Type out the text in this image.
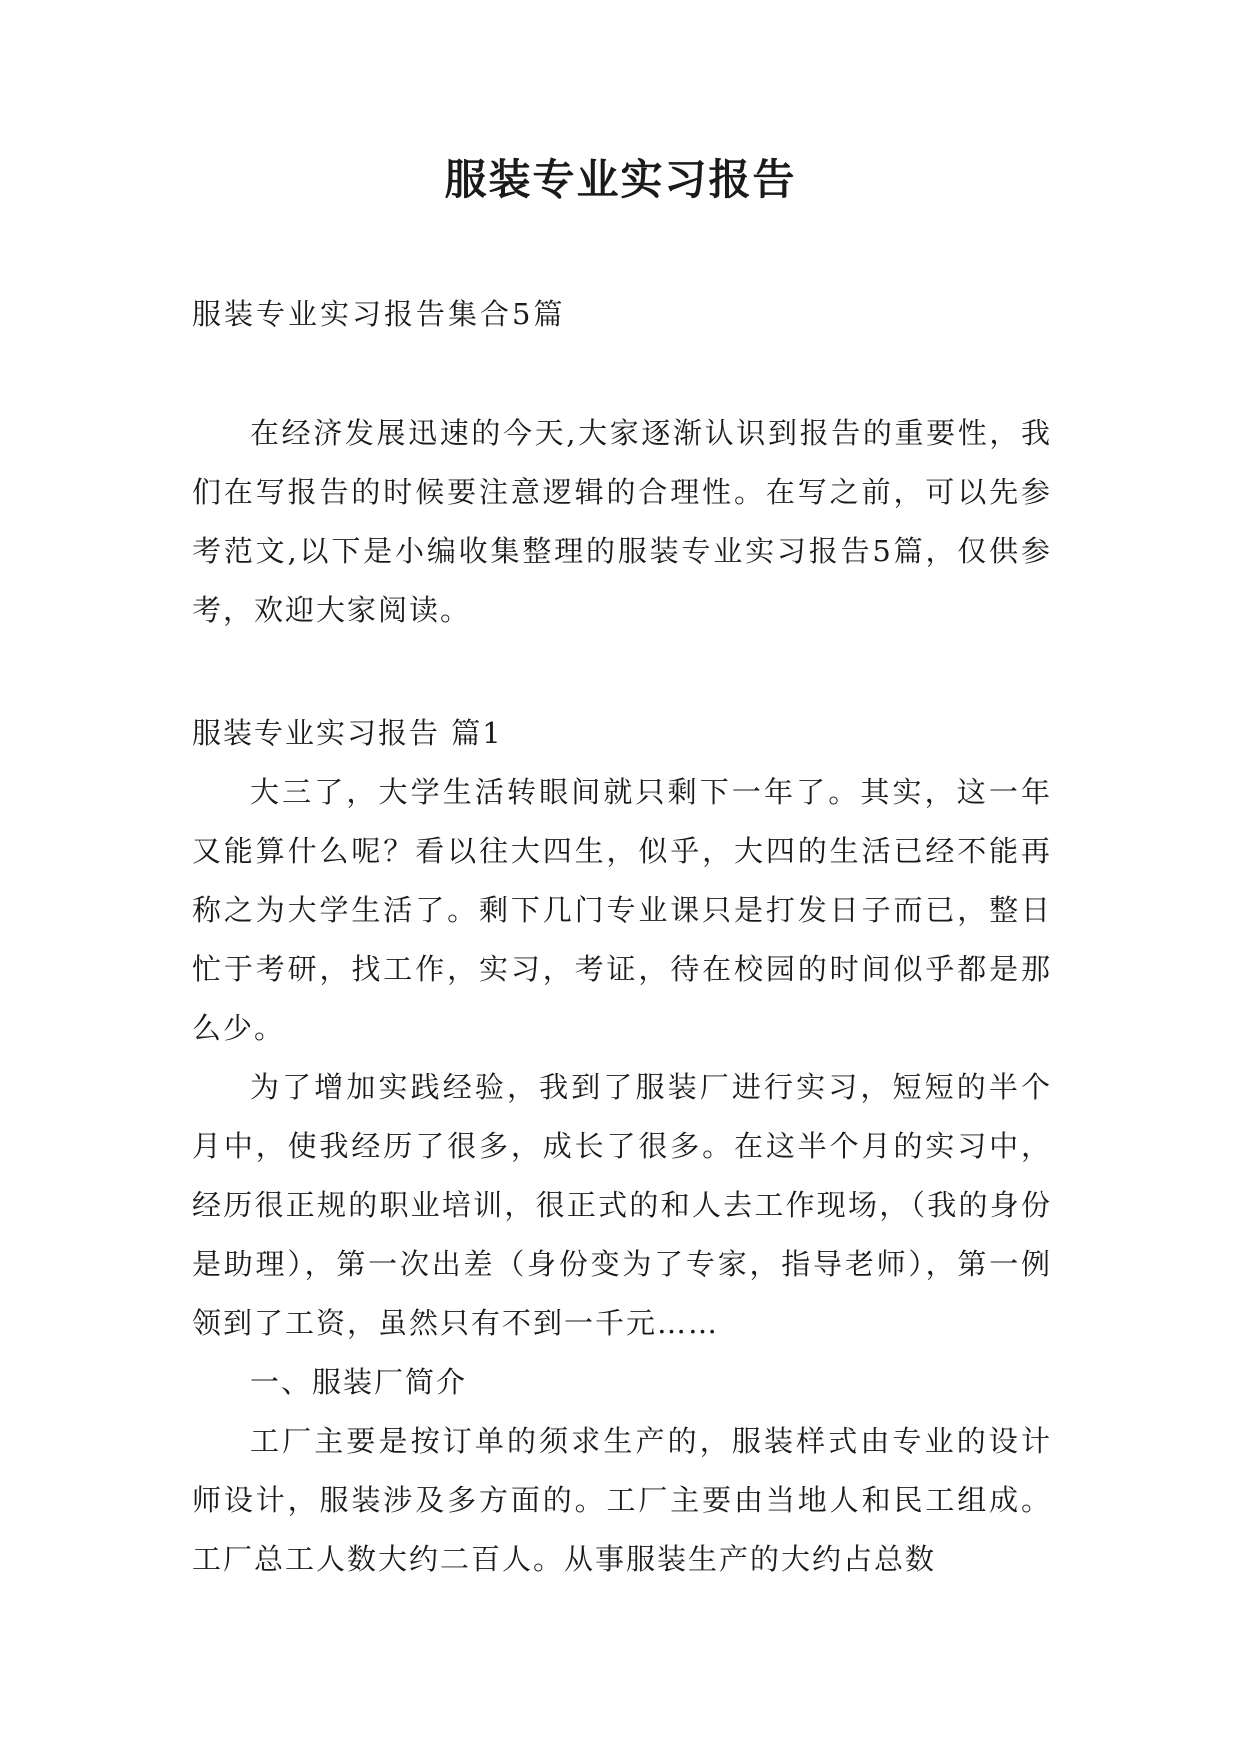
服装专业实习报告

服装专业实习报告集合5篇

在经济发展迅速的今天,大家逐渐认识到报告的重要性，我们在写报告的时候要注意逻辑的合理性。在写之前，可以先参考范文,以下是小编收集整理的服装专业实习报告5篇，仅供参考，欢迎大家阅读。

服装专业实习报告 篇1

大三了，大学生活转眼间就只剩下一年了。其实，这一年又能算什么呢？看以往大四生，似乎，大四的生活已经不能再称之为大学生活了。剩下几门专业课只是打发日子而已，整日忙于考研，找工作，实习，考证，待在校园的时间似乎都是那么少。

为了增加实践经验，我到了服装厂进行实习，短短的半个月中，使我经历了很多，成长了很多。在这半个月的实习中，经历很正规的职业培训，很正式的和人去工作现场，（我的身份是助理），第一次出差（身份变为了专家，指导老师），第一例领到了工资，虽然只有不到一千元……

一、服装厂简介

工厂主要是按订单的须求生产的，服装样式由专业的设计师设计，服装涉及多方面的。工厂主要由当地人和民工组成。工厂总工人数大约二百人。从事服装生产的大约占总数
